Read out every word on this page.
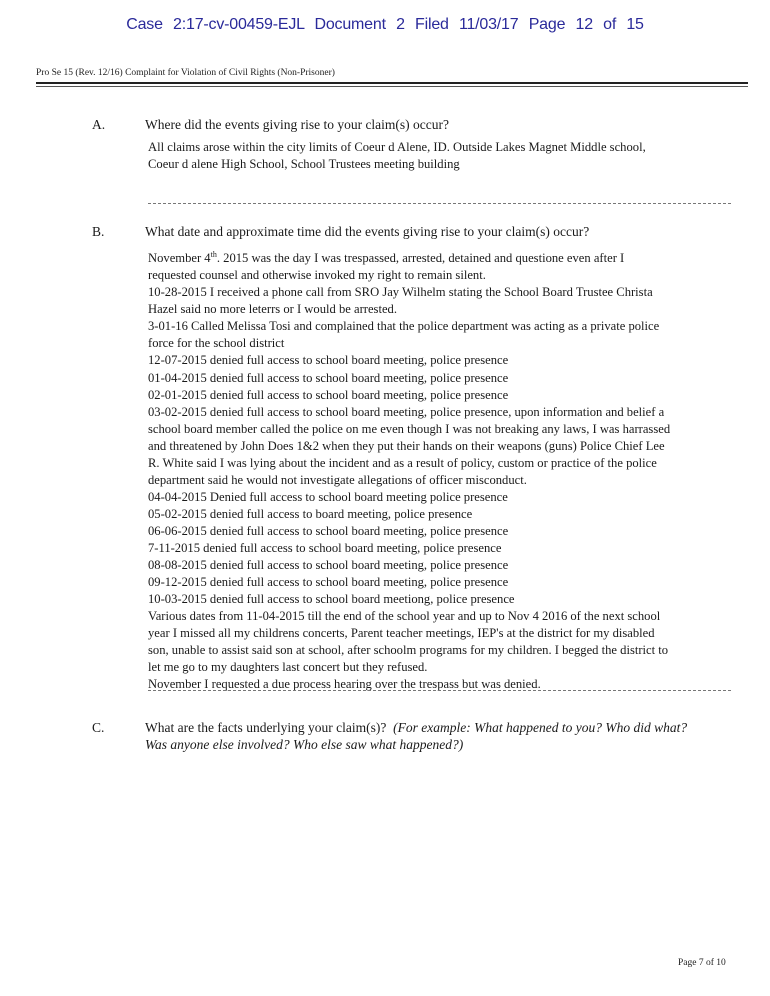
Case 2:17-cv-00459-EJL Document 2 Filed 11/03/17 Page 12 of 15
Pro Se 15 (Rev. 12/16) Complaint for Violation of Civil Rights (Non-Prisoner)
A.	Where did the events giving rise to your claim(s) occur?

All claims arose within the city limits of Coeur d Alene, ID. Outside Lakes Magnet Middle school,

Coeur d alene High School, School Trustees meeting building

B.	What date and approximate time did the events giving rise to your claim(s) occur?

November 4th. 2015 was the day I was trespassed, arrested, detained and questione even after I

requested counsel and otherwise invoked my right to remain silent.

10-28-2015 I received a phone call from SRO Jay Wilhelm stating the School Board Trustee Christa

Hazel said no more leterrs or I would be arrested.

3-01-16 Called Melissa Tosi and complained that the police department was acting as a private police

force for the school district

12-07-2015 denied full access to school board meeting, police presence

01-04-2015 denied full access to school board meeting, police presence

02-01-2015 denied full access to school board meeting, police presence

03-02-2015 denied full access to school board meeting, police presence, upon information and belief a

school board member called the police on me even though I was not breaking any laws, I was harrassed

and threatened by John Does 1&2 when they put their hands on their weapons (guns) Police Chief Lee

R. White said I was lying about the incident and as a result of policy, custom or practice of the police

department said he would not investigate allegations of officer misconduct.

04-04-2015 Denied full access to school board meeting police presence

05-02-2015 denied full access to board meeting, police presence

06-06-2015 denied full access to school board meeting, police presence

7-11-2015 denied full access to school board meeting, police presence

08-08-2015 denied full access to school board meeting, police presence

09-12-2015 denied full access to school board meeting, police presence

10-03-2015 denied full access to school board meetiong, police presence

Various dates from 11-04-2015 till the end of the school year and up to Nov 4 2016 of the next school

year I missed all my childrens concerts, Parent teacher meetings, IEP's at the district for my disabled

son, unable to assist said son at school, after schoolm programs for my children. I begged the district to

let me go to my daughters last concert but they refused.

November I requested a due process hearing over the trespass but was denied.

C.	What are the facts underlying your claim(s)? (For example: What happened to you? Who did what?
Was anyone else involved? Who else saw what happened?)
Page 7 of 10
